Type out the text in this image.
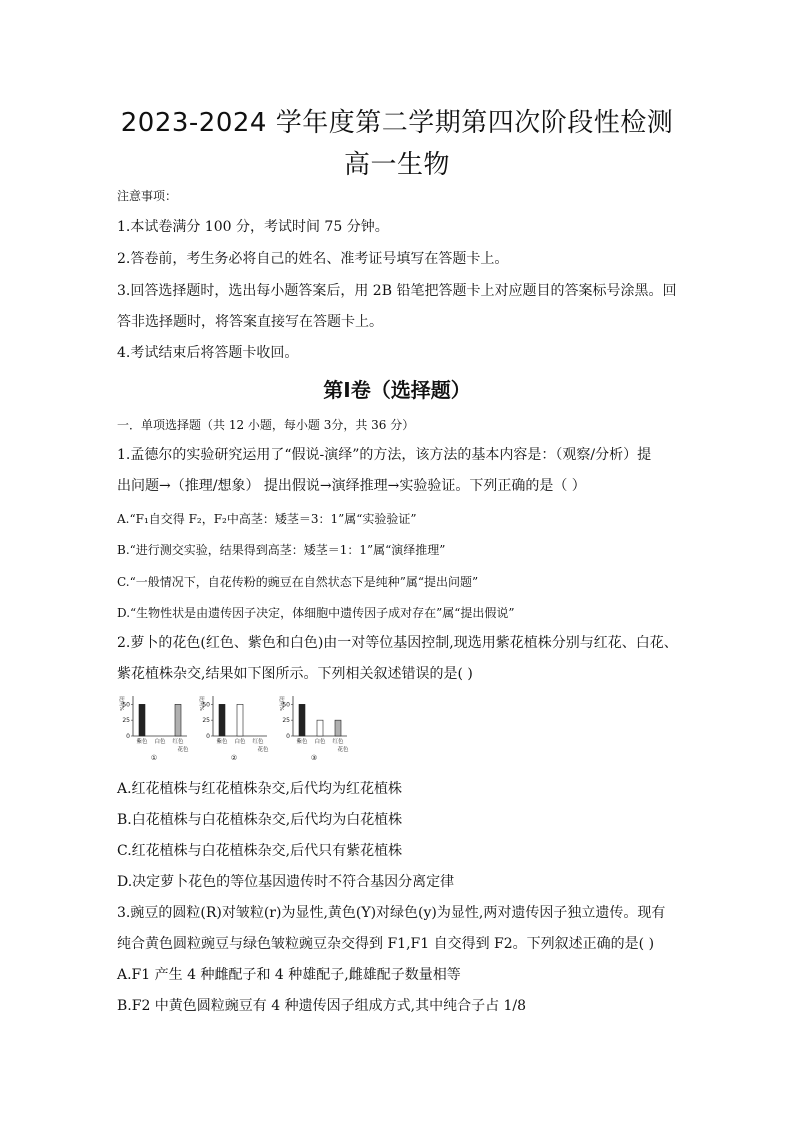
2023-2024 学年度第二学期第四次阶段性检测
高一生物
注意事项：
1.本试卷满分 100 分，考试时间 75 分钟。
2.答卷前，考生务必将自己的姓名、准考证号填写在答题卡上。
3.回答选择题时，选出每小题答案后，用 2B 铅笔把答题卡上对应题目的答案标号涂黑。回
答非选择题时，将答案直接写在答题卡上。
4.考试结束后将答题卡收回。
第Ⅰ卷（选择题）
一．单项选择题（共 12 小题，每小题 3分，共 36 分）
1.孟德尔的实验研究运用了“假说-演绎”的方法，该方法的基本内容是：（观察/分析）提
出问题→（推理/想象） 提出假说→演绎推理→实验验证。下列正确的是（ ）
A.“F₁自交得 F₂，F₂中高茎：矮茎＝3：1”属“实验验证”
B.“进行测交实验，结果得到高茎：矮茎＝1：1”属“演绎推理”
C.“一般情况下，自花传粉的豌豆在自然状态下是纯种”属“提出问题”
D.“生物性状是由遗传因子决定，体细胞中遗传因子成对存在”属“提出假说”
2.萝卜的花色(红色、紫色和白色)由一对等位基因控制,现选用紫花植株分别与红花、白花、
紫花植株杂交,结果如下图所示。下列相关叙述错误的是( )
比例%
50
25
0
紫色 白色 红色
花色
①
比例%
50
25
0
紫色 白色 红色
花色
②
比例%
50
25
0
紫色 白色 红色
花色
③
A.红花植株与红花植株杂交,后代均为红花植株
B.白花植株与白花植株杂交,后代均为白花植株
C.红花植株与白花植株杂交,后代只有紫花植株
D.决定萝卜花色的等位基因遗传时不符合基因分离定律
3.豌豆的圆粒(R)对皱粒(r)为显性,黄色(Y)对绿色(y)为显性,两对遗传因子独立遗传。现有
纯合黄色圆粒豌豆与绿色皱粒豌豆杂交得到 F1,F1 自交得到 F2。下列叙述正确的是( )
A.F1 产生 4 种雌配子和 4 种雄配子,雌雄配子数量相等
B.F2 中黄色圆粒豌豆有 4 种遗传因子组成方式,其中纯合子占 1/8
